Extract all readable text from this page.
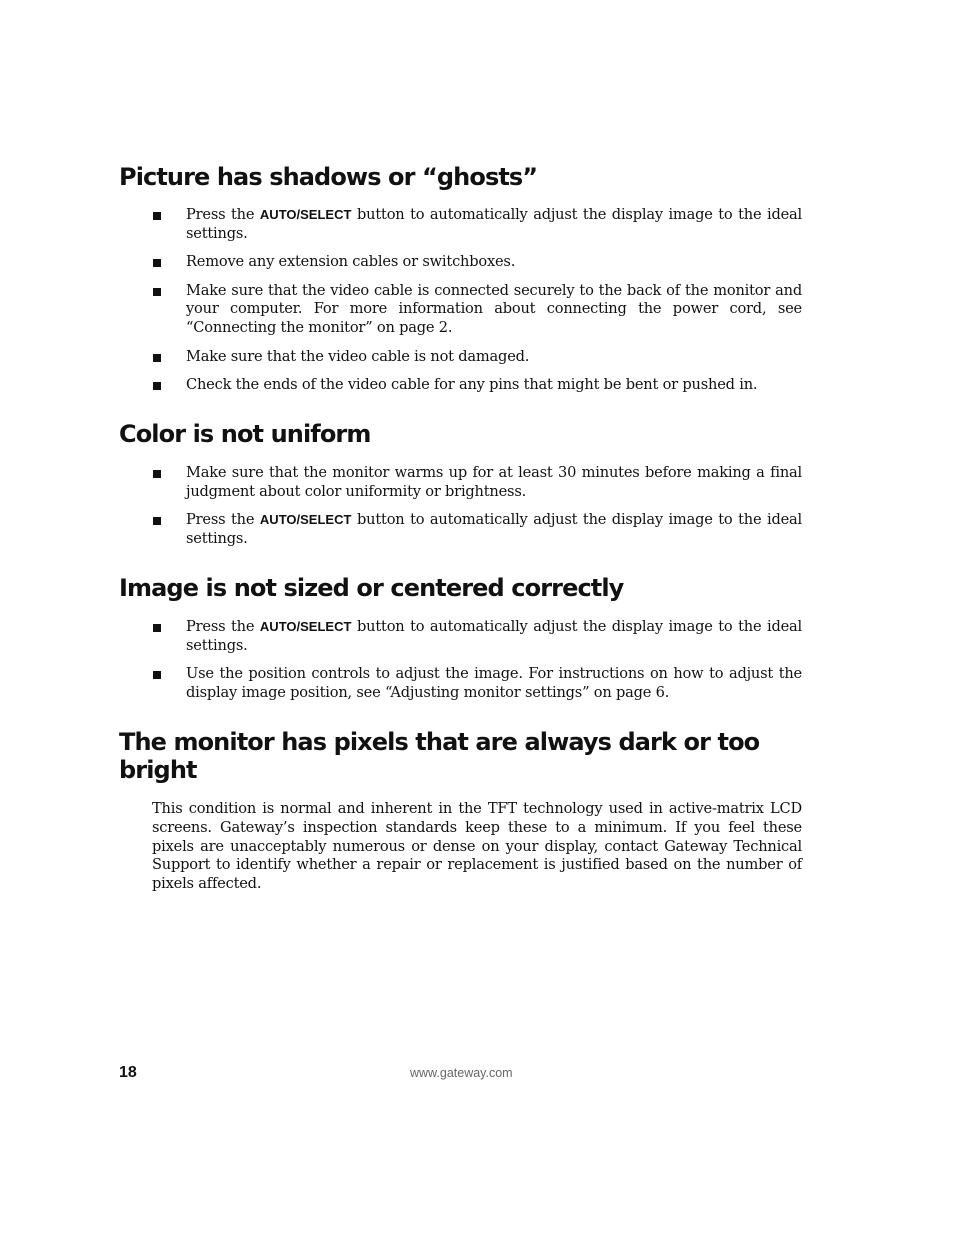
Picture has shadows or “ghosts”
Press the AUTO/SELECT button to automatically adjust the display image to the ideal settings.
Remove any extension cables or switchboxes.
Make sure that the video cable is connected securely to the back of the monitor and your computer. For more information about connecting the power cord, see “Connecting the monitor” on page 2.
Make sure that the video cable is not damaged.
Check the ends of the video cable for any pins that might be bent or pushed in.
Color is not uniform
Make sure that the monitor warms up for at least 30 minutes before making a final judgment about color uniformity or brightness.
Press the AUTO/SELECT button to automatically adjust the display image to the ideal settings.
Image is not sized or centered correctly
Press the AUTO/SELECT button to automatically adjust the display image to the ideal settings.
Use the position controls to adjust the image. For instructions on how to adjust the display image position, see “Adjusting monitor settings” on page 6.
The monitor has pixels that are always dark or too bright

This condition is normal and inherent in the TFT technology used in active-matrix LCD screens. Gateway’s inspection standards keep these to a minimum. If you feel these pixels are unacceptably numerous or dense on your display, contact Gateway Technical Support to identify whether a repair or replacement is justified based on the number of pixels affected.

18	www.gateway.com
